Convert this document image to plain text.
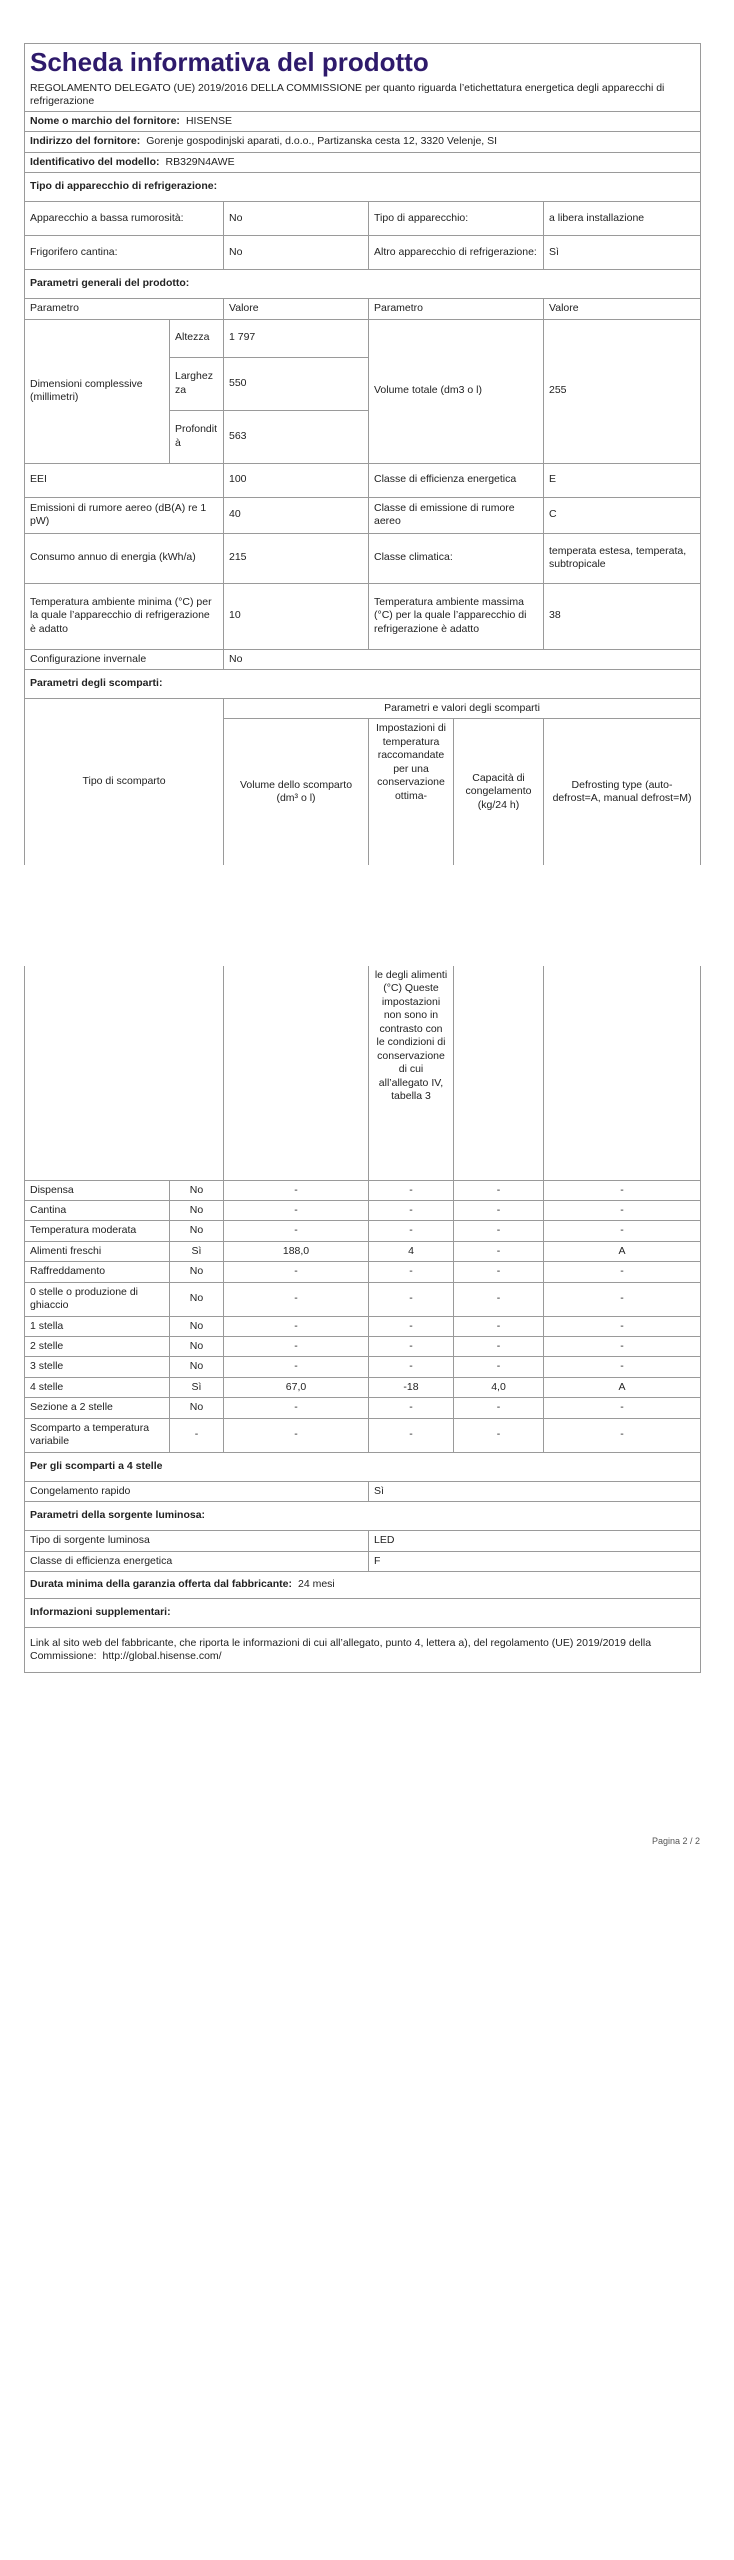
Scheda informativa del prodotto
REGOLAMENTO DELEGATO (UE) 2019/2016 DELLA COMMISSIONE per quanto riguarda l’etichettatura energetica degli apparecchi di refrigerazione

Nome o marchio del fornitore: HISENSE
Indirizzo del fornitore: Gorenje gospodinjski aparati, d.o.o., Partizanska cesta 12, 3320 Velenje, SI
Identificativo del modello: RB329N4AWE
Tipo di apparecchio di refrigerazione:
Apparecchio a bassa rumorosità:	No	Tipo di apparecchio:	a libera installazione
Frigorifero cantina:	No	Altro apparecchio di refrigerazione:	Sì
Parametri generali del prodotto:				
Parametro		Valore	Parametro	Valore
Dimensioni complessive (millimetri)	Altezza	1 797	Volume totale (dm3 o l)	255
	Larghezza	550		
	Profondità	563		
EEI		100	Classe di efficienza energetica	E
Emissioni di rumore aereo (dB(A) re 1 pW)		40	Classe di emissione di rumore aereo	C
Consumo annuo di energia (kWh/a)		215	Classe climatica:	temperata estesa, temperata, subtropicale
Temperatura ambiente minima (°C) per la quale l’apparecchio di refrigerazione è adatto		10	Temperatura ambiente massima (°C) per la quale l’apparecchio di refrigerazione è adatto	38
Configurazione invernale		No		
Parametri degli scomparti:				
Tipo di scomparto	Parametri e valori degli scomparti			
	Volume dello scomparto (dm³ o l)	Impostazioni di temperatura raccomandate per una conservazione ottima-	Capacità di congelamento (kg/24 h)	Defrosting type (auto-defrost=A, manual defrost=M)
			le degli alimenti (°C) Queste impostazioni non sono in contrasto con le condizioni di conservazione di cui all’allegato IV, tabella 3		
Dispensa	No	-	-	-	-
Cantina	No	-	-	-	-
Temperatura moderata	No	-	-	-	-
Alimenti freschi	Sì	188,0	4	-	A
Raffreddamento	No	-	-	-	-
0 stelle o produzione di ghiaccio	No	-	-	-	-
1 stella	No	-	-	-	-
2 stelle	No	-	-	-	-
3 stelle	No	-	-	-	-
4 stelle	Sì	67,0	-18	4,0	A
Sezione a 2 stelle	No	-	-	-	-
Scomparto a temperatura variabile	-	-	-	-	-
Per gli scomparti a 4 stelle	
Congelamento rapido	Sì
Parametri della sorgente luminosa:	
Tipo di sorgente luminosa	LED
Classe di efficienza energetica	F
Durata minima della garanzia offerta dal fabbricante: 24 mesi	
Informazioni supplementari:	
Link al sito web del fabbricante, che riporta le informazioni di cui all’allegato, punto 4, lettera a), del regolamento (UE) 2019/2019 della Commissione: http://global.hisense.com/	
Pagina 2 / 2
